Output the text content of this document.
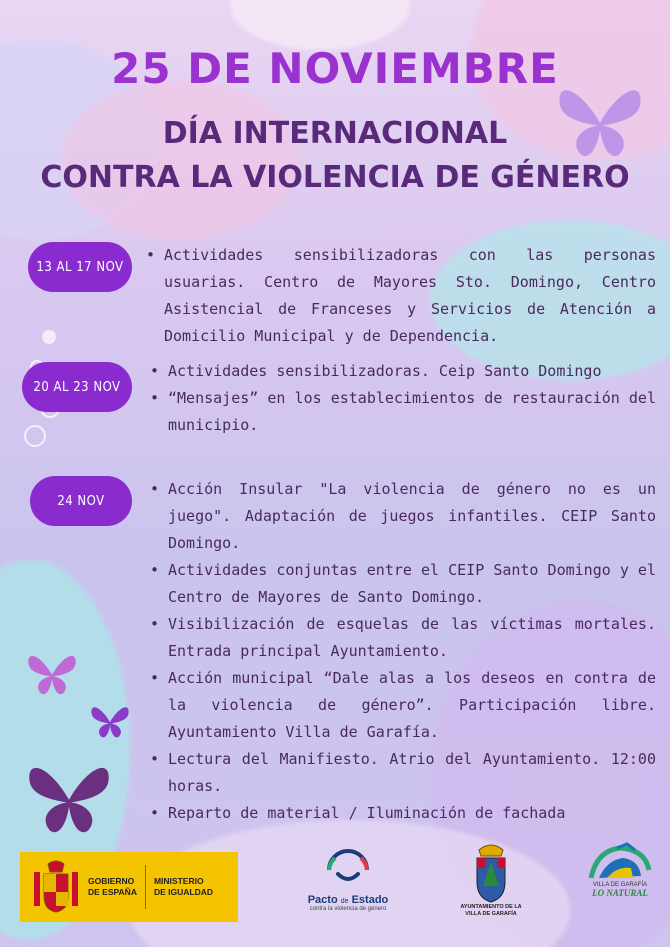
25 DE NOVIEMBRE
DÍA INTERNACIONAL
CONTRA LA VIOLENCIA DE GÉNERO
13 AL 17 NOV
• Actividades sensibilizadoras con las personas usuarias. Centro de Mayores Sto. Domingo, Centro Asistencial de Franceses y Servicios de Atención a Domicilio Municipal y de Dependencia.
20 AL 23 NOV
• Actividades sensibilizadoras. Ceip Santo Domingo
• “Mensajes” en los establecimientos de restauración del municipio.
24 NOV
• Acción Insular "La violencia de género no es un juego". Adaptación de juegos infantiles. CEIP Santo Domingo.
• Actividades conjuntas entre el CEIP Santo Domingo y el Centro de Mayores de Santo Domingo.
• Visibilización de esquelas de las víctimas mortales. Entrada principal Ayuntamiento.
• Acción municipal “Dale alas a los deseos en contra de la violencia de género”. Participación libre. Ayuntamiento Villa de Garafía.
• Lectura del Manifiesto. Atrio del Ayuntamiento. 12:00 horas.
• Reparto de material / Iluminación de fachada
GOBIERNO
DE ESPAÑA
MINISTERIO
DE IGUALDAD
Pacto de Estado
contra la violencia de género	AYUNTAMIENTO DE LA
VILLA DE GARAFÍA
VILLA DE GARAFÍA
LO NATURAL
